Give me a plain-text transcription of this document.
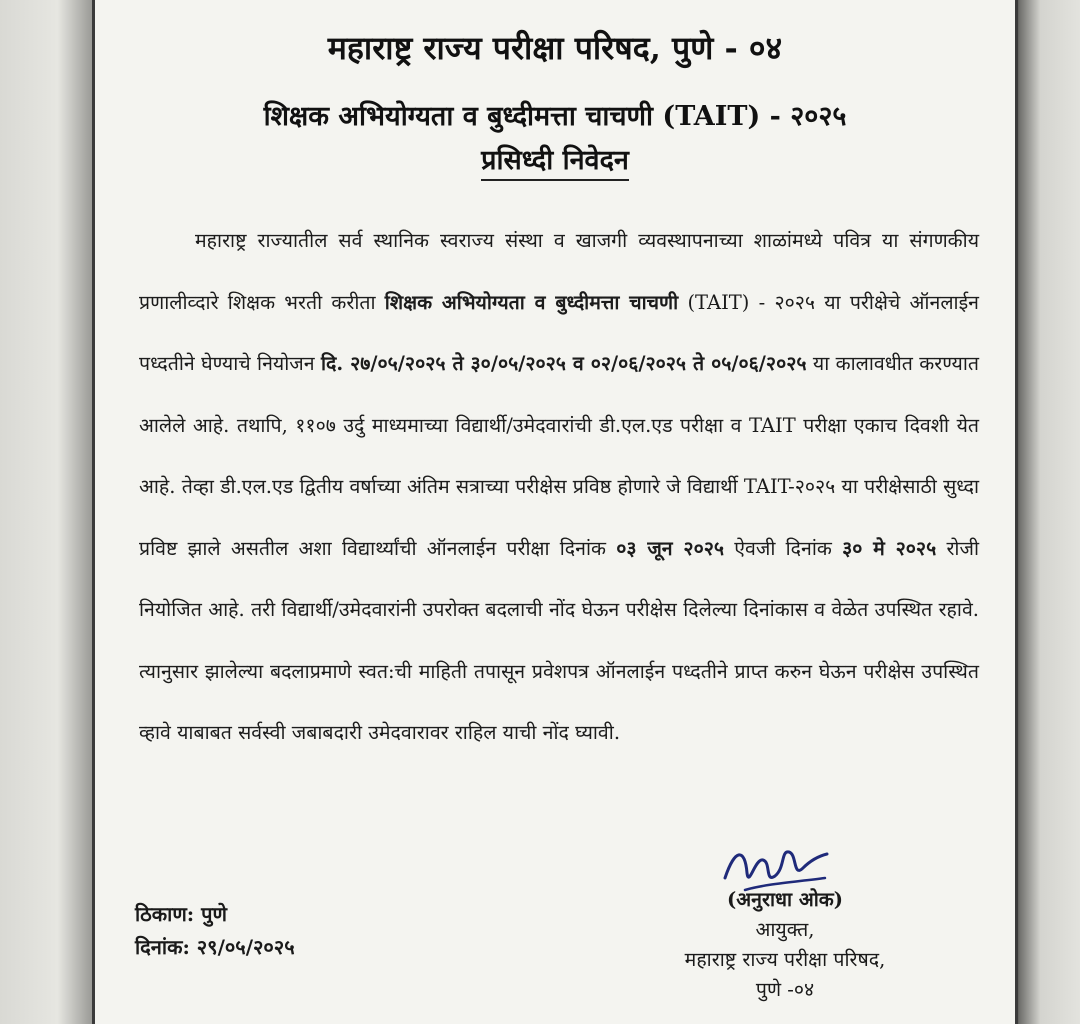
महाराष्ट्र राज्य परीक्षा परिषद, पुणे - ०४
शिक्षक अभियोग्यता व बुध्दीमत्ता चाचणी (TAIT) - २०२५
प्रसिध्दी निवेदन

महाराष्ट्र राज्यातील सर्व स्थानिक स्वराज्य संस्था व खाजगी व्यवस्थापनाच्या शाळांमध्ये पवित्र या संगणकीय प्रणालीव्दारे शिक्षक भरती करीता शिक्षक अभियोग्यता व बुध्दीमत्ता चाचणी (TAIT) - २०२५ या परीक्षेचे ऑनलाईन पध्दतीने घेण्याचे नियोजन दि. २७/०५/२०२५ ते ३०/०५/२०२५ व ०२/०६/२०२५ ते ०५/०६/२०२५ या कालावधीत करण्यात आलेले आहे. तथापि, ११०७ उर्दु माध्यमाच्या विद्यार्थी/उमेदवारांची डी.एल.एड परीक्षा व TAIT परीक्षा एकाच दिवशी येत आहे. तेव्हा डी.एल.एड द्वितीय वर्षाच्या अंतिम सत्राच्या परीक्षेस प्रविष्ठ होणारे जे विद्यार्थी TAIT-२०२५ या परीक्षेसाठी सुध्दा प्रविष्ट झाले असतील अशा विद्यार्थ्यांची ऑनलाईन परीक्षा दिनांक ०३ जून २०२५ ऐवजी दिनांक ३० मे २०२५ रोजी नियोजित आहे. तरी विद्यार्थी/उमेदवारांनी उपरोक्त बदलाची नोंद घेऊन परीक्षेस दिलेल्या दिनांकास व वेळेत उपस्थित रहावे. त्यानुसार झालेल्या बदलाप्रमाणे स्वत:ची माहिती तपासून प्रवेशपत्र ऑनलाईन पध्दतीने प्राप्त करुन घेऊन परीक्षेस उपस्थित व्हावे याबाबत सर्वस्वी जबाबदारी उमेदवारावर राहिल याची नोंद घ्यावी.

ठिकाण: पुणे
दिनांक: २९/०५/२०२५
(अनुराधा ओक)
आयुक्त,
महाराष्ट्र राज्य परीक्षा परिषद,
पुणे -०४
